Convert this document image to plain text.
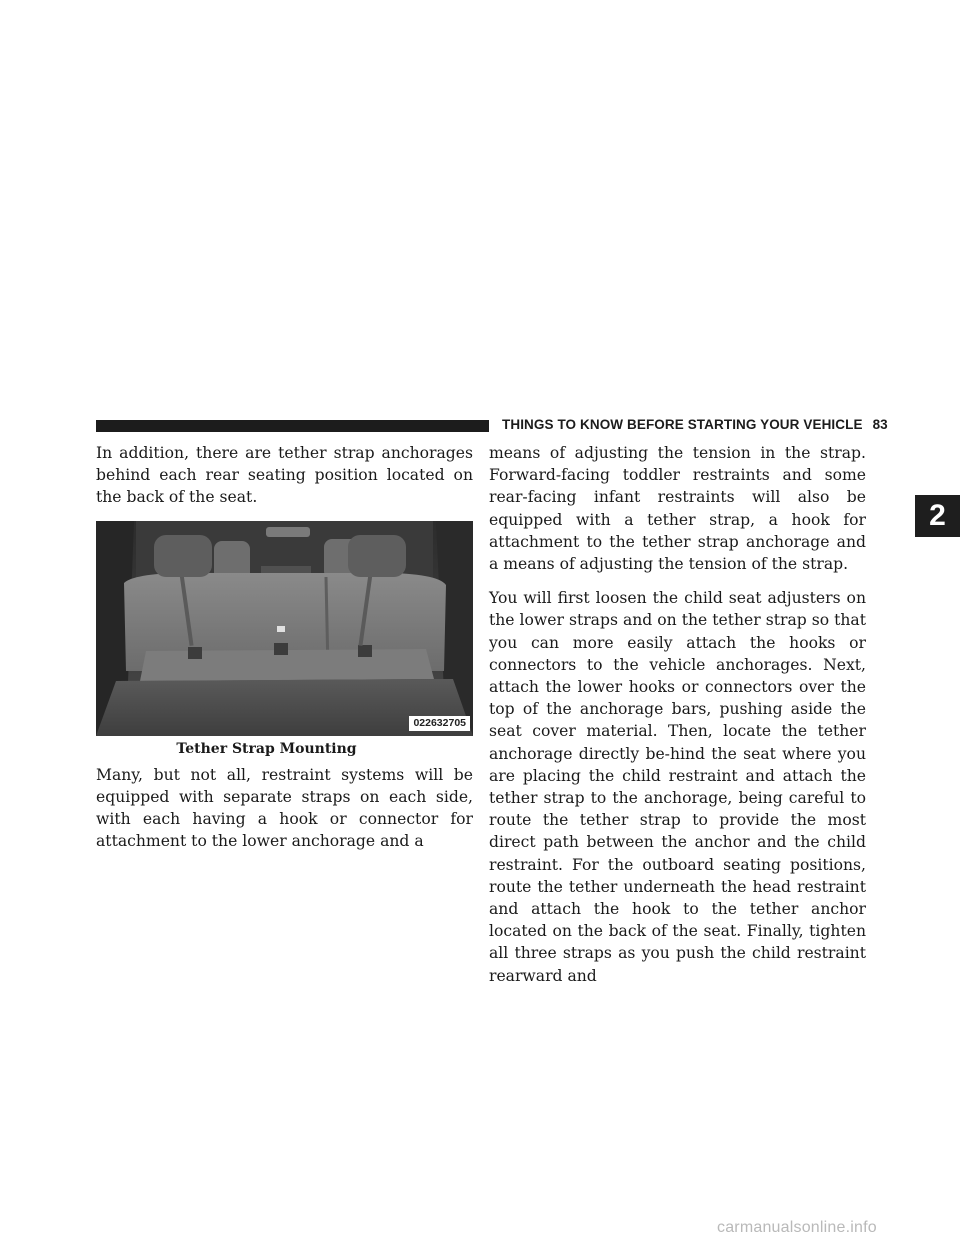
THINGS TO KNOW BEFORE STARTING YOUR VEHICLE 83
2

In addition, there are tether strap anchorages behind each rear seating position located on the back of the seat.

022632705
Tether Strap Mounting

Many, but not all, restraint systems will be equipped with separate straps on each side, with each having a hook or connector for attachment to the lower anchorage and a

means of adjusting the tension in the strap. Forward-facing toddler restraints and some rear-facing infant restraints will also be equipped with a tether strap, a hook for attachment to the tether strap anchorage and a means of adjusting the tension of the strap.

You will first loosen the child seat adjusters on the lower straps and on the tether strap so that you can more easily attach the hooks or connectors to the vehicle anchorages. Next, attach the lower hooks or connectors over the top of the anchorage bars, pushing aside the seat cover material. Then, locate the tether anchorage directly be-hind the seat where you are placing the child restraint and attach the tether strap to the anchorage, being careful to route the tether strap to provide the most direct path between the anchor and the child restraint. For the outboard seating positions, route the tether underneath the head restraint and attach the hook to the tether anchor located on the back of the seat. Finally, tighten all three straps as you push the child restraint rearward and

carmanualsonline.info
